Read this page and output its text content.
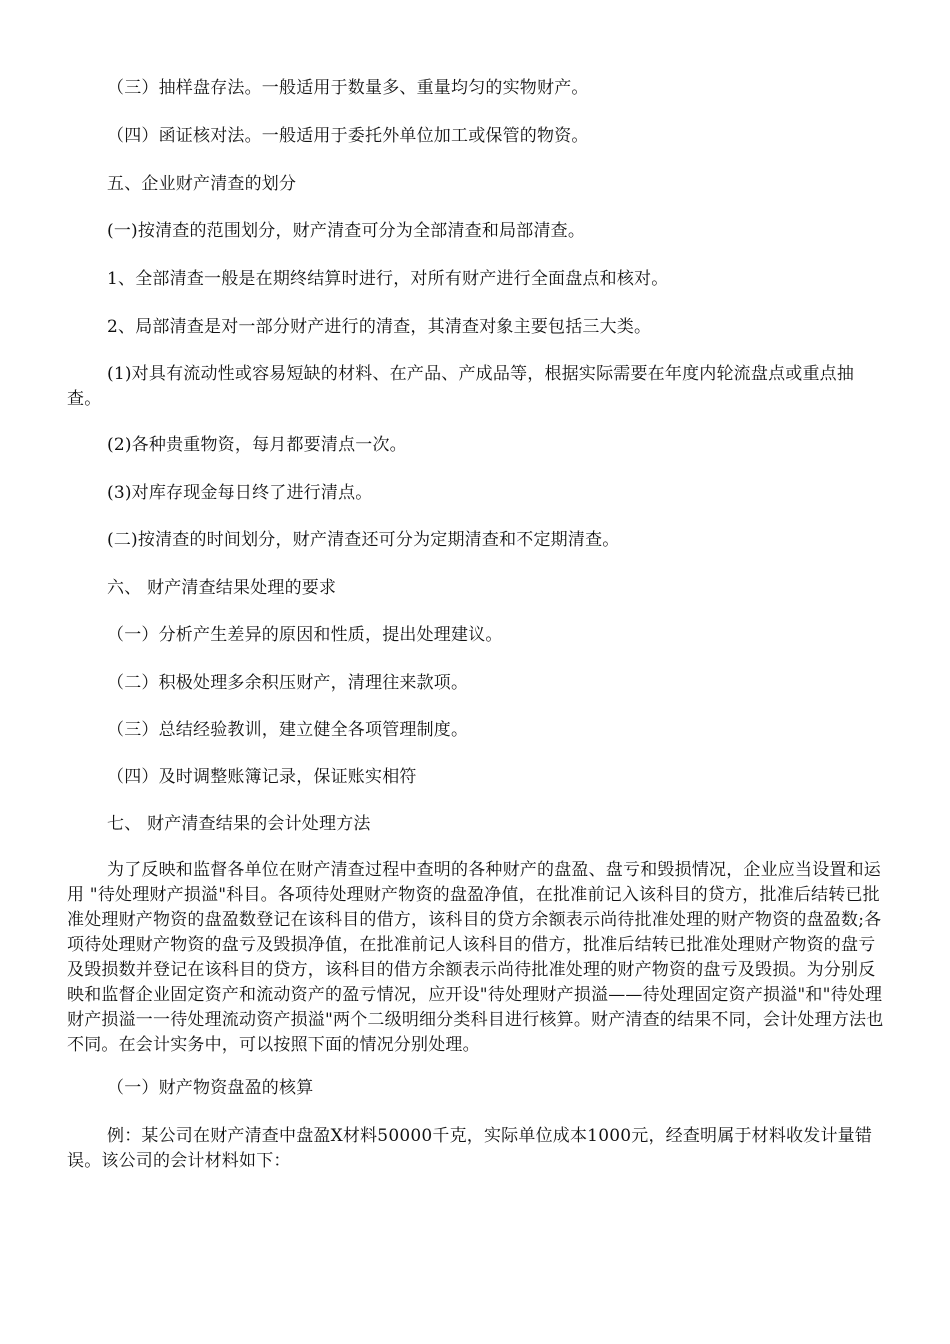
（三）抽样盘存法。一般适用于数量多、重量均匀的实物财产。

（四）函证核对法。一般适用于委托外单位加工或保管的物资。

五、企业财产清查的划分

(一)按清查的范围划分，财产清查可分为全部清查和局部清查。

1、全部清查一般是在期终结算时进行，对所有财产进行全面盘点和核对。

2、局部清查是对一部分财产进行的清查，其清查对象主要包括三大类。

(1)对具有流动性或容易短缺的材料、在产品、产成品等，根据实际需要在年度内轮流盘点或重点抽查。

(2)各种贵重物资，每月都要清点一次。

(3)对库存现金每日终了进行清点。

(二)按清查的时间划分，财产清查还可分为定期清查和不定期清查。

六、 财产清查结果处理的要求

（一）分析产生差异的原因和性质，提出处理建议。

（二）积极处理多余积压财产，清理往来款项。

（三）总结经验教训，建立健全各项管理制度。

（四）及时调整账簿记录，保证账实相符

七、 财产清查结果的会计处理方法

为了反映和监督各单位在财产清查过程中查明的各种财产的盘盈、盘亏和毁损情况，企业应当设置和运用 "待处理财产损溢"科目。各项待处理财产物资的盘盈净值，在批准前记入该科目的贷方，批准后结转已批准处理财产物资的盘盈数登记在该科目的借方，该科目的贷方余额表示尚待批准处理的财产物资的盘盈数;各项待处理财产物资的盘亏及毁损净值，在批准前记人该科目的借方，批准后结转已批准处理财产物资的盘亏及毁损数并登记在该科目的贷方，该科目的借方余额表示尚待批准处理的财产物资的盘亏及毁损。为分别反映和监督企业固定资产和流动资产的盈亏情况，应开设"待处理财产损溢——待处理固定资产损溢"和"待处理财产损溢一一待处理流动资产损溢"两个二级明细分类科目进行核算。财产清查的结果不同，会计处理方法也不同。在会计实务中，可以按照下面的情况分别处理。

（一）财产物资盘盈的核算

例：某公司在财产清查中盘盈X材料50000千克，实际单位成本1000元，经查明属于材料收发计量错误。该公司的会计材料如下：
